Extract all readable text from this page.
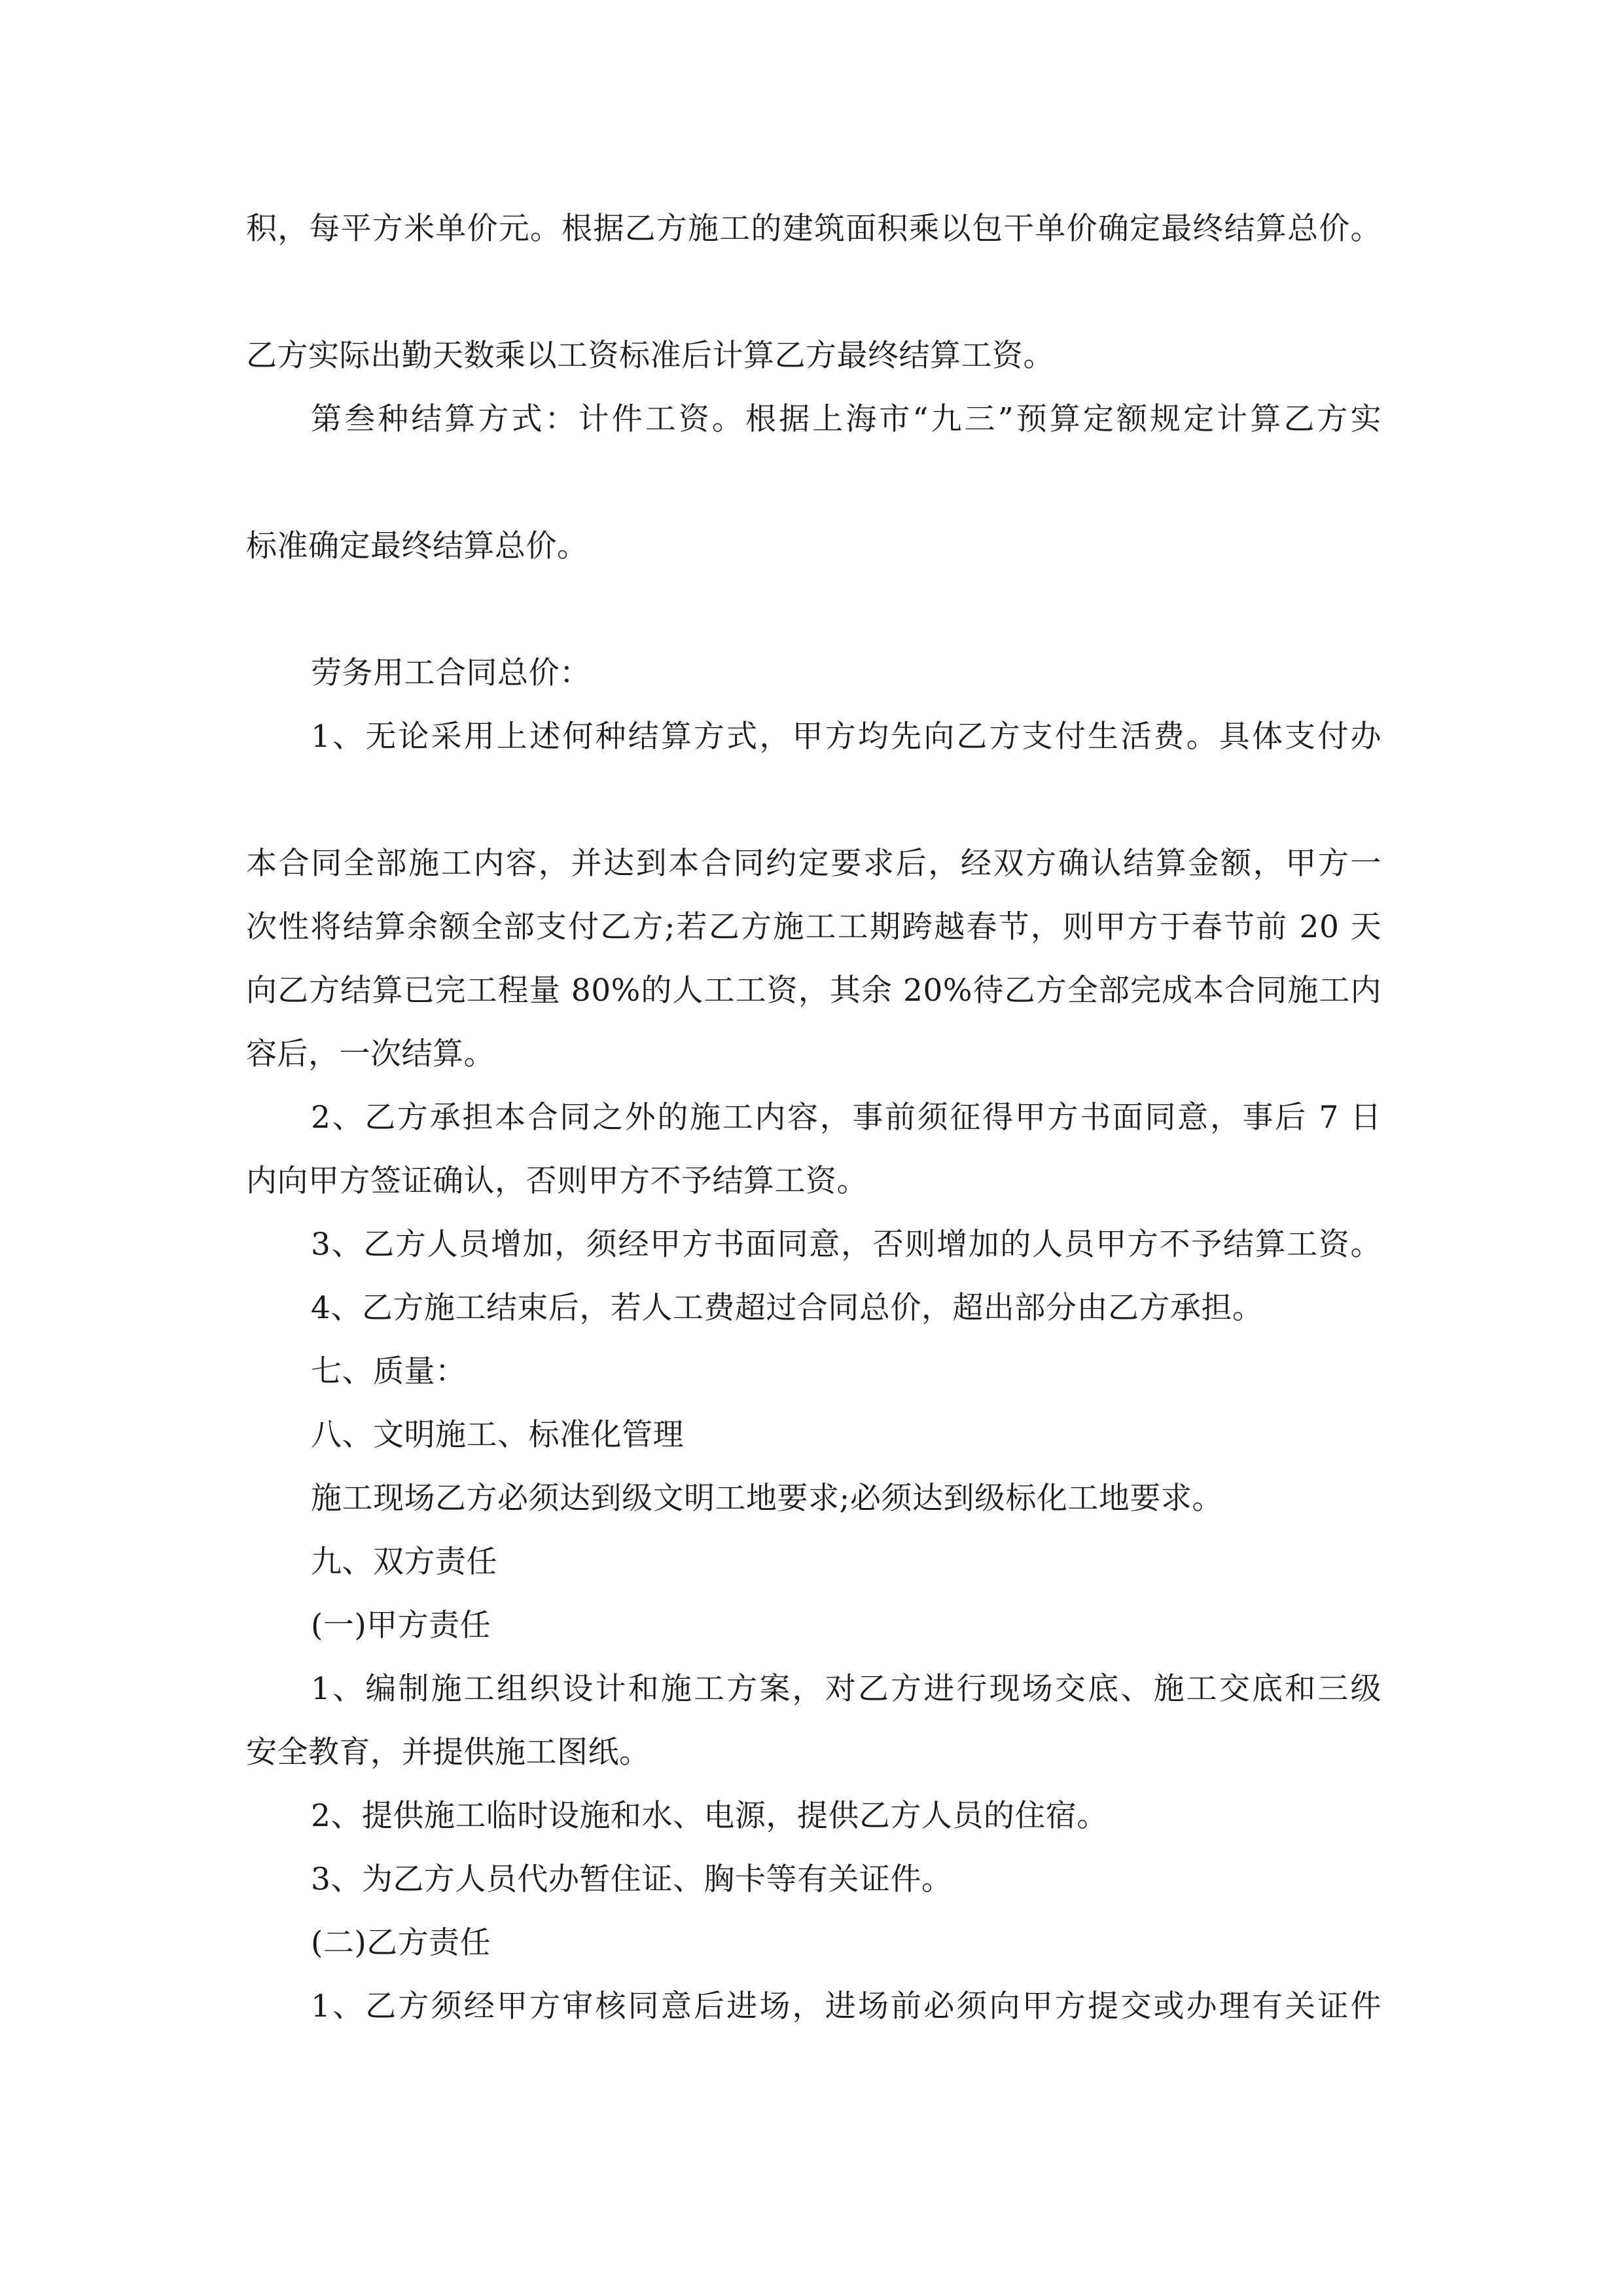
积，每平方米单价元。根据乙方施工的建筑面积乘以包干单价确定最终结算总价。

乙方实际出勤天数乘以工资标准后计算乙方最终结算工资。
第叁种结算方式：计件工资。根据上海市“九三”预算定额规定计算乙方实

标准确定最终结算总价。

劳务用工合同总价：
1、无论采用上述何种结算方式，甲方均先向乙方支付生活费。具体支付办

本合同全部施工内容，并达到本合同约定要求后，经双方确认结算金额，甲方一
次性将结算余额全部支付乙方;若乙方施工工期跨越春节，则甲方于春节前 20 天
向乙方结算已完工程量 80%的人工工资，其余 20%待乙方全部完成本合同施工内
容后，一次结算。
2、乙方承担本合同之外的施工内容，事前须征得甲方书面同意，事后 7 日
内向甲方签证确认，否则甲方不予结算工资。
3、乙方人员增加，须经甲方书面同意，否则增加的人员甲方不予结算工资。
4、乙方施工结束后，若人工费超过合同总价，超出部分由乙方承担。
七、质量：
八、文明施工、标准化管理
施工现场乙方必须达到级文明工地要求;必须达到级标化工地要求。
九、双方责任
(一)甲方责任
1、编制施工组织设计和施工方案，对乙方进行现场交底、施工交底和三级
安全教育，并提供施工图纸。
2、提供施工临时设施和水、电源，提供乙方人员的住宿。
3、为乙方人员代办暂住证、胸卡等有关证件。
(二)乙方责任
1、乙方须经甲方审核同意后进场，进场前必须向甲方提交或办理有关证件
